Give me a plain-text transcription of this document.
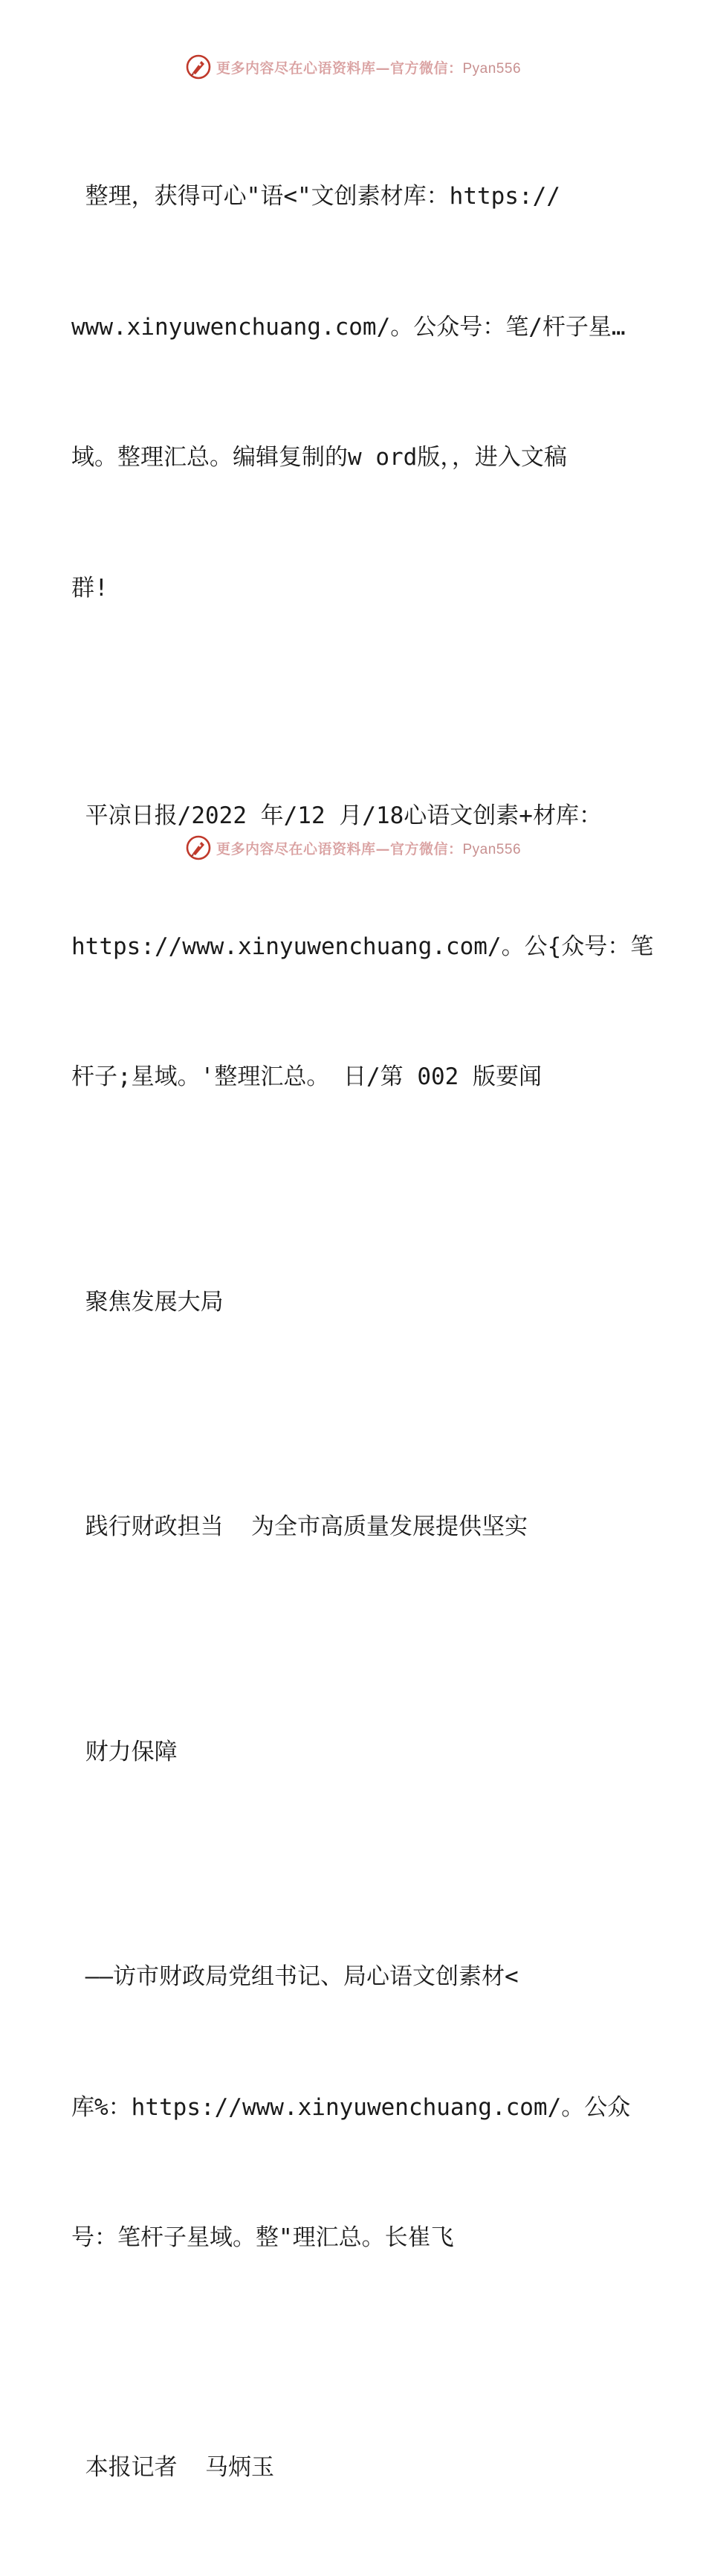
更多内容尽在心语资料库—官方微信：Pyan556

整理，获得可心"语<"文创素材库：https://

www.xinyuwenchuang.com/。公众号：笔/杆子星…

域。整理汇总。编辑复制的w ord版，，进入文稿

群!

平凉日报/2022 年/12 月/18心语文创素+材库：

https://www.xinyuwenchuang.com/。公{众号：笔

杆子;星域。'整理汇总。 日/第 002 版要闻

聚焦发展大局

践行财政担当  为全市高质量发展提供坚实

财力保障

——访市财政局党组书记、局心语文创素材<

库%：https://www.xinyuwenchuang.com/。公众

号：笔杆子星域。整"理汇总。长崔飞

本报记者  马炳玉

更多内容尽在心语资料库—官方微信：Pyan556
